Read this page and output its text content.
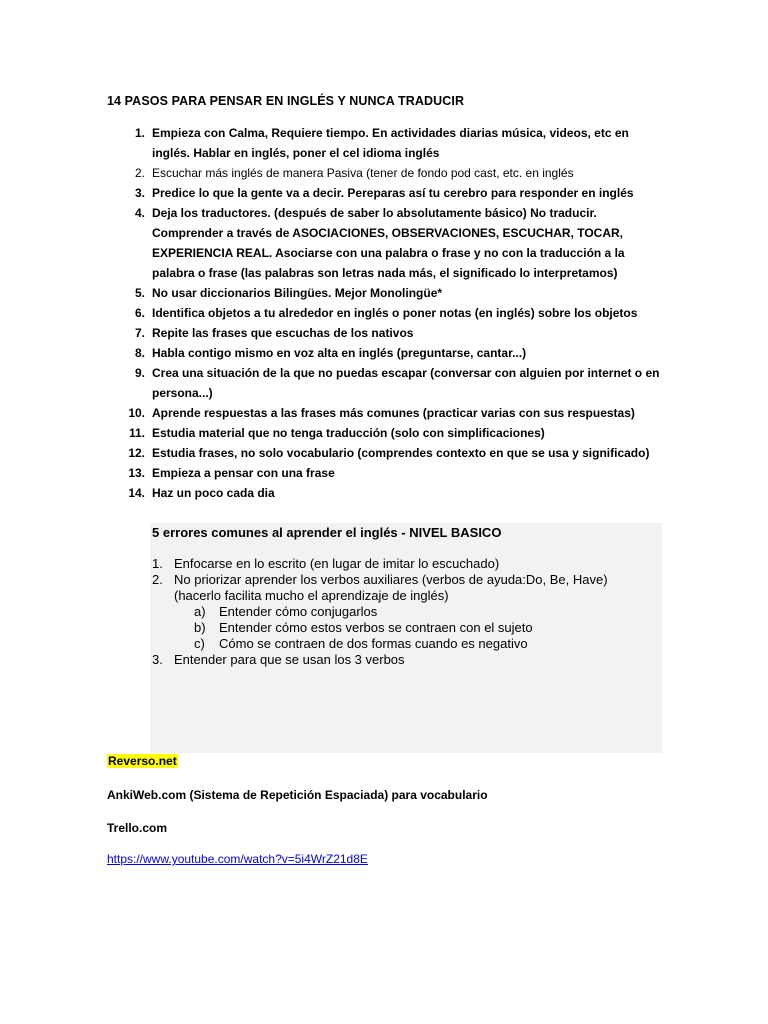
14 PASOS PARA PENSAR EN INGLÉS Y NUNCA TRADUCIR
1. Empieza con Calma, Requiere tiempo. En actividades diarias música, videos, etc en inglés. Hablar en inglés, poner el cel idioma inglés
2. Escuchar más inglés de manera Pasiva (tener de fondo pod cast, etc. en inglés
3. Predice lo que la gente va a decir. Pereparas así tu cerebro para responder en inglés
4. Deja los traductores. (después de saber lo absolutamente básico) No traducir. Comprender a través de ASOCIACIONES, OBSERVACIONES, ESCUCHAR, TOCAR, EXPERIENCIA REAL. Asociarse con una palabra o frase y no con la traducción a la palabra o frase (las palabras son letras nada más, el significado lo interpretamos)
5. No usar diccionarios Bilingües. Mejor Monolingüe*
6. Identifica objetos a tu alrededor en inglés o poner notas (en inglés) sobre los objetos
7. Repite las frases que escuchas de los nativos
8. Habla contigo mismo en voz alta en inglés (preguntarse, cantar...)
9. Crea una situación de la que no puedas escapar (conversar con alguien por internet o en persona...)
10. Aprende respuestas a las frases más comunes (practicar varias con sus respuestas)
11. Estudia material que no tenga traducción (solo con simplificaciones)
12. Estudia frases, no solo vocabulario (comprendes contexto en que se usa y significado)
13. Empieza a pensar con una frase
14. Haz un poco cada dia
5 errores comunes al aprender el inglés - NIVEL BASICO
1. Enfocarse en lo escrito (en lugar de imitar lo escuchado)
2. No priorizar aprender los verbos auxiliares (verbos de ayuda:Do, Be, Have) (hacerlo facilita mucho el aprendizaje de inglés)
a) Entender cómo conjugarlos
b) Entender cómo estos verbos se contraen con el sujeto
c) Cómo se contraen de dos formas cuando es negativo
3. Entender para que se usan los 3 verbos
Reverso.net
AnkiWeb.com (Sistema de Repetición Espaciada) para vocabulario
Trello.com
https://www.youtube.com/watch?v=5i4WrZ21d8E
